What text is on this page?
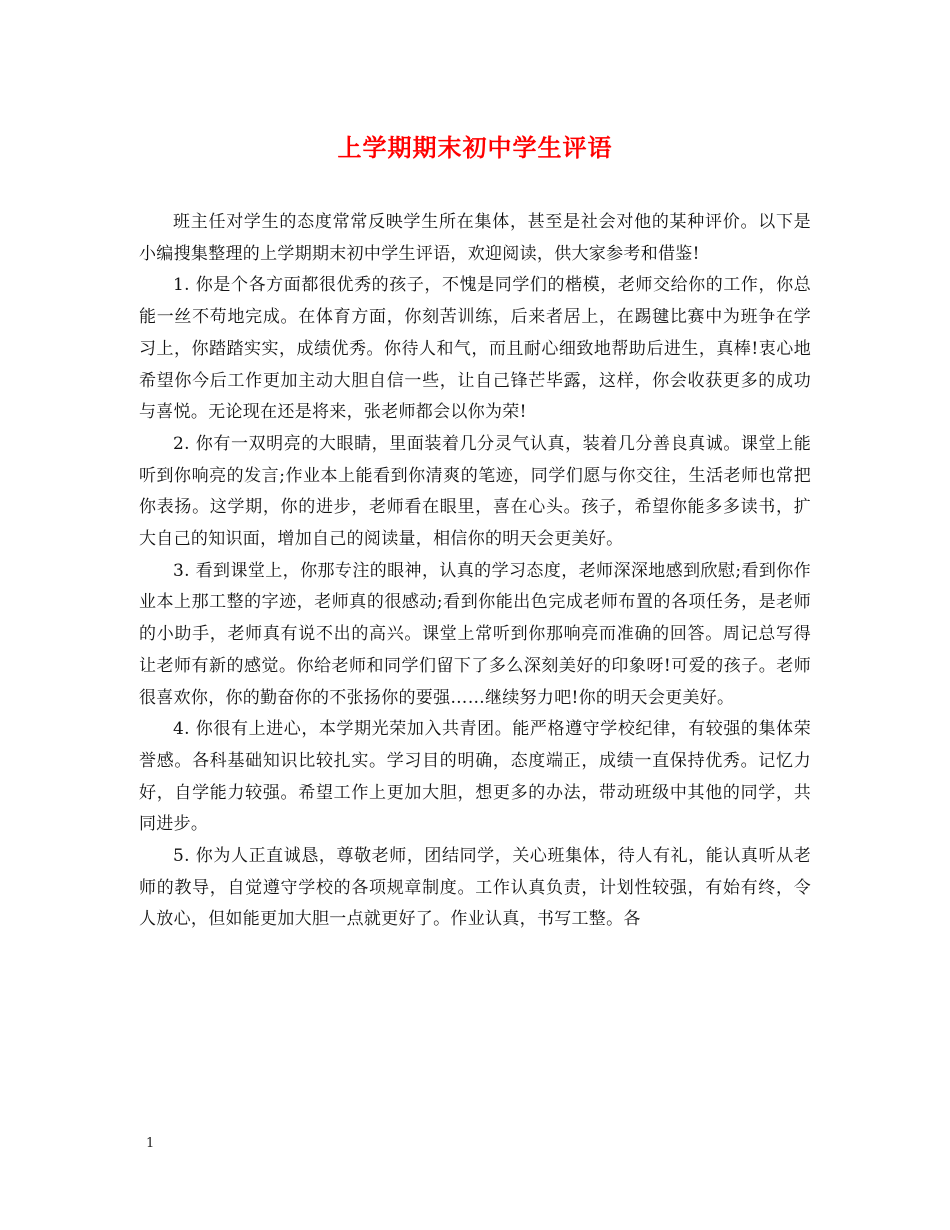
上学期期末初中学生评语

班主任对学生的态度常常反映学生所在集体，甚至是社会对他的某种评价。以下是小编搜集整理的上学期期末初中学生评语，欢迎阅读，供大家参考和借鉴!

1. 你是个各方面都很优秀的孩子，不愧是同学们的楷模，老师交给你的工作，你总能一丝不苟地完成。在体育方面，你刻苦训练，后来者居上，在踢毽比赛中为班争在学习上，你踏踏实实，成绩优秀。你待人和气，而且耐心细致地帮助后进生，真棒!衷心地希望你今后工作更加主动大胆自信一些，让自己锋芒毕露，这样，你会收获更多的成功与喜悦。无论现在还是将来，张老师都会以你为荣!

2. 你有一双明亮的大眼睛，里面装着几分灵气认真，装着几分善良真诚。课堂上能听到你响亮的发言;作业本上能看到你清爽的笔迹，同学们愿与你交往，生活老师也常把你表扬。这学期，你的进步，老师看在眼里，喜在心头。孩子，希望你能多多读书，扩大自己的知识面，增加自己的阅读量，相信你的明天会更美好。

3. 看到课堂上，你那专注的眼神，认真的学习态度，老师深深地感到欣慰;看到你作业本上那工整的字迹，老师真的很感动;看到你能出色完成老师布置的各项任务，是老师的小助手，老师真有说不出的高兴。课堂上常听到你那响亮而准确的回答。周记总写得让老师有新的感觉。你给老师和同学们留下了多么深刻美好的印象呀!可爱的孩子。老师很喜欢你，你的勤奋你的不张扬你的要强……继续努力吧!你的明天会更美好。

4. 你很有上进心，本学期光荣加入共青团。能严格遵守学校纪律，有较强的集体荣誉感。各科基础知识比较扎实。学习目的明确，态度端正，成绩一直保持优秀。记忆力好，自学能力较强。希望工作上更加大胆，想更多的办法，带动班级中其他的同学，共同进步。

5. 你为人正直诚恳，尊敬老师，团结同学，关心班集体，待人有礼，能认真听从老师的教导，自觉遵守学校的各项规章制度。工作认真负责，计划性较强，有始有终，令人放心，但如能更加大胆一点就更好了。作业认真，书写工整。各

1
